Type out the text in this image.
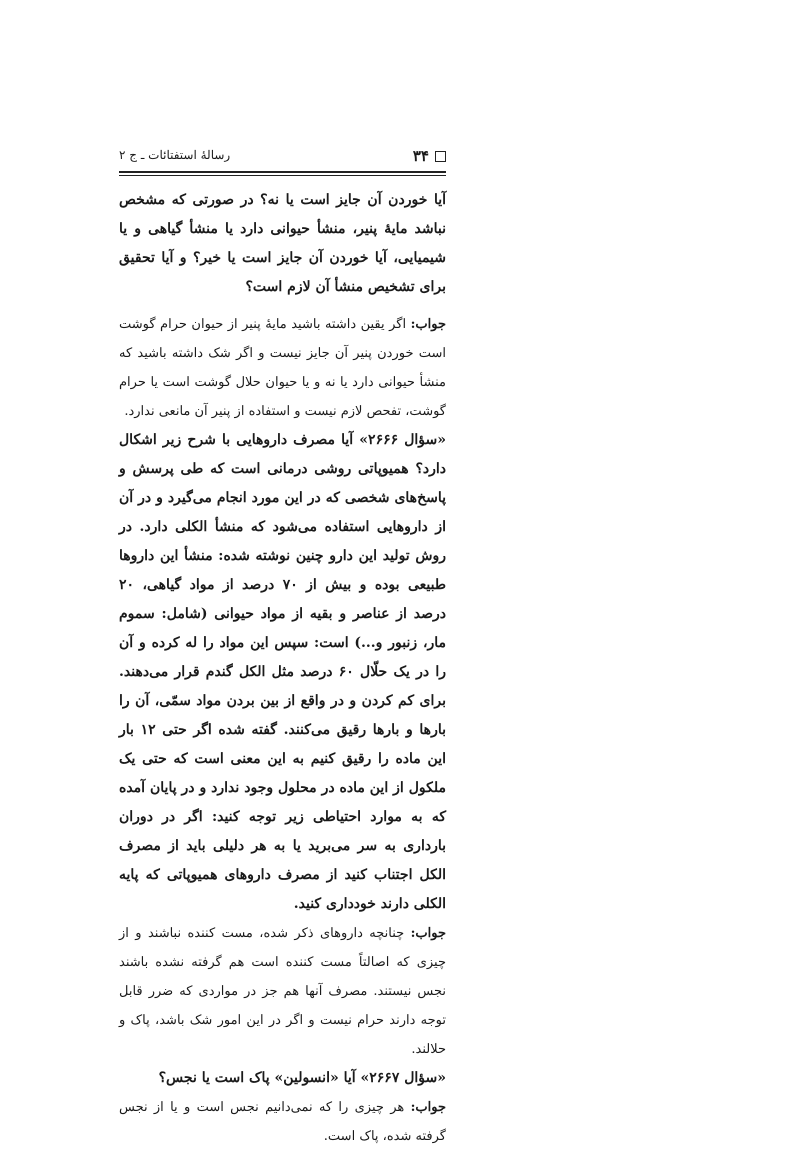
۳۴
رسالۀ استفتائات ـ ج ۲

آیا خوردن آن جایز است یا نه؟ در صورتی که مشخص نباشد مایۀ پنیر، منشأ حیوانی دارد یا منشأ گیاهی و یا شیمیایی، آیا خوردن آن جایز است یا خیر؟ و آیا تحقیق برای تشخیص منشأ آن لازم است؟

جواب: اگر یقین داشته باشید مایۀ پنیر از حیوان حرام گوشت است خوردن پنیر آن جایز نیست و اگر شک داشته باشید که منشأ حیوانی دارد یا نه و یا حیوان حلال گوشت است یا حرام گوشت، تفحص لازم نیست و استفاده از پنیر آن مانعی ندارد.

«سؤال ۲۶۶۶» آیا مصرف داروهایی با شرح زیر اشکال دارد؟ هميوپاتی روشی درمانی است که طی پرسش و پاسخ‌های شخصی که در این مورد انجام می‌گیرد و در آن از داروهایی استفاده می‌شود که منشأ الکلی دارد. در روش تولید این دارو چنین نوشته شده: منشأ این داروها طبیعی بوده و بیش از ۷۰ درصد از مواد گیاهی، ۲۰ درصد از عناصر و بقیه از مواد حیوانی (شامل: سموم مار، زنبور و...) است: سپس این مواد را له کرده و آن را در یک حلّال ۶۰ درصد مثل الکل گندم قرار می‌دهند. برای کم کردن و در واقع از بین بردن مواد سمّی، آن را بارها و بارها رقیق می‌کنند. گفته شده اگر حتی ۱۲ بار این ماده را رقیق کنیم به این معنی است که حتی یک ملکول از این ماده در محلول وجود ندارد و در پایان آمده که به موارد احتیاطی زیر توجه کنید: اگر در دوران بارداری به سر می‌برید یا به هر دلیلی باید از مصرف الکل اجتناب کنید از مصرف داروهای هميوپاتی که پایه الکلی دارند خودداری کنید.

جواب: چنانچه داروهای ذکر شده، مست کننده نباشند و از چیزی که اصالتاً مست کننده است هم گرفته نشده باشند نجس نیستند. مصرف آنها هم جز در مواردی که ضرر قابل توجه دارند حرام نیست و اگر در این امور شک باشد، پاک و حلالند.

«سؤال ۲۶۶۷» آیا «انسولین» پاک است یا نجس؟

جواب: هر چیزی را که نمی‌دانیم نجس است و یا از نجس گرفته شده، پاک است.
